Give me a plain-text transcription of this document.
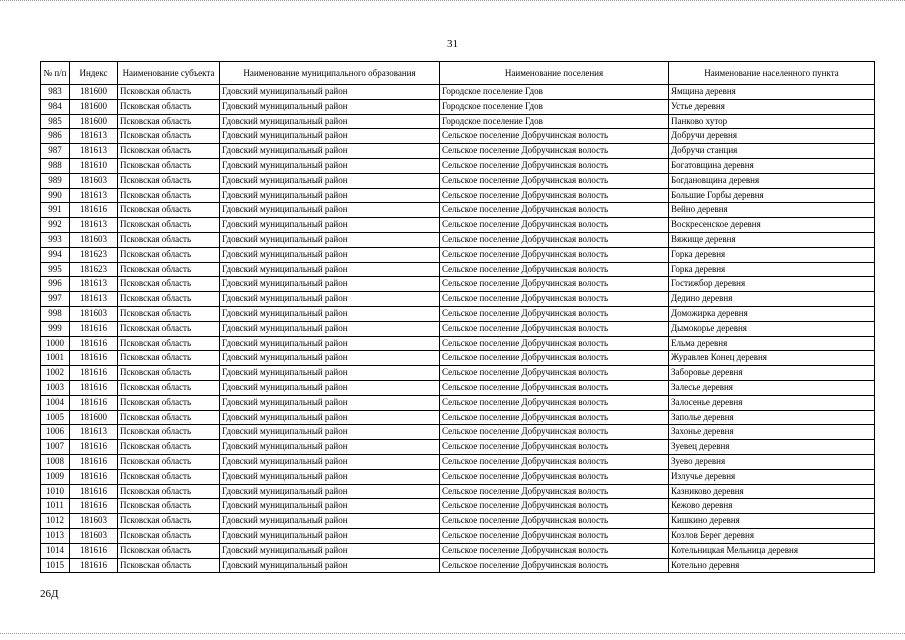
31
№ п/п	Индекс	Наименование субъекта	Наименование муниципального образования	Наименование поселения	Наименование населенного пункта
983	181600	Псковская область	Гдовский муниципальный район	Городское поселение Гдов	Ямщина деревня
984	181600	Псковская область	Гдовский муниципальный район	Городское поселение Гдов	Устье деревня
985	181600	Псковская область	Гдовский муниципальный район	Городское поселение Гдов	Панково хутор
986	181613	Псковская область	Гдовский муниципальный район	Сельское поселение Добручинская волость	Добручи деревня
987	181613	Псковская область	Гдовский муниципальный район	Сельское поселение Добручинская волость	Добручи станция
988	181610	Псковская область	Гдовский муниципальный район	Сельское поселение Добручинская волость	Богатовщина деревня
989	181603	Псковская область	Гдовский муниципальный район	Сельское поселение Добручинская волость	Богдановщина деревня
990	181613	Псковская область	Гдовский муниципальный район	Сельское поселение Добручинская волость	Большие Горбы деревня
991	181616	Псковская область	Гдовский муниципальный район	Сельское поселение Добручинская волость	Вейно деревня
992	181613	Псковская область	Гдовский муниципальный район	Сельское поселение Добручинская волость	Воскресенское деревня
993	181603	Псковская область	Гдовский муниципальный район	Сельское поселение Добручинская волость	Вяжище деревня
994	181623	Псковская область	Гдовский муниципальный район	Сельское поселение Добручинская волость	Горка деревня
995	181623	Псковская область	Гдовский муниципальный район	Сельское поселение Добручинская волость	Горка деревня
996	181613	Псковская область	Гдовский муниципальный район	Сельское поселение Добручинская волость	Гостижбор деревня
997	181613	Псковская область	Гдовский муниципальный район	Сельское поселение Добручинская волость	Дедино деревня
998	181603	Псковская область	Гдовский муниципальный район	Сельское поселение Добручинская волость	Доможирка деревня
999	181616	Псковская область	Гдовский муниципальный район	Сельское поселение Добручинская волость	Дымокорье деревня
1000	181616	Псковская область	Гдовский муниципальный район	Сельское поселение Добручинская волость	Ельма деревня
1001	181616	Псковская область	Гдовский муниципальный район	Сельское поселение Добручинская волость	Журавлев Конец деревня
1002	181616	Псковская область	Гдовский муниципальный район	Сельское поселение Добручинская волость	Заборовье деревня
1003	181616	Псковская область	Гдовский муниципальный район	Сельское поселение Добручинская волость	Залесье деревня
1004	181616	Псковская область	Гдовский муниципальный район	Сельское поселение Добручинская волость	Залосенье деревня
1005	181600	Псковская область	Гдовский муниципальный район	Сельское поселение Добручинская волость	Заполье деревня
1006	181613	Псковская область	Гдовский муниципальный район	Сельское поселение Добручинская волость	Захонье деревня
1007	181616	Псковская область	Гдовский муниципальный район	Сельское поселение Добручинская волость	Зуевец деревня
1008	181616	Псковская область	Гдовский муниципальный район	Сельское поселение Добручинская волость	Зуево деревня
1009	181616	Псковская область	Гдовский муниципальный район	Сельское поселение Добручинская волость	Излучье деревня
1010	181616	Псковская область	Гдовский муниципальный район	Сельское поселение Добручинская волость	Казниково деревня
1011	181616	Псковская область	Гдовский муниципальный район	Сельское поселение Добручинская волость	Кежово деревня
1012	181603	Псковская область	Гдовский муниципальный район	Сельское поселение Добручинская волость	Кишкино деревня
1013	181603	Псковская область	Гдовский муниципальный район	Сельское поселение Добручинская волость	Козлов Берег деревня
1014	181616	Псковская область	Гдовский муниципальный район	Сельское поселение Добручинская волость	Котельницкая Мельница деревня
1015	181616	Псковская область	Гдовский муниципальный район	Сельское поселение Добручинская волость	Котельно деревня
26Д
